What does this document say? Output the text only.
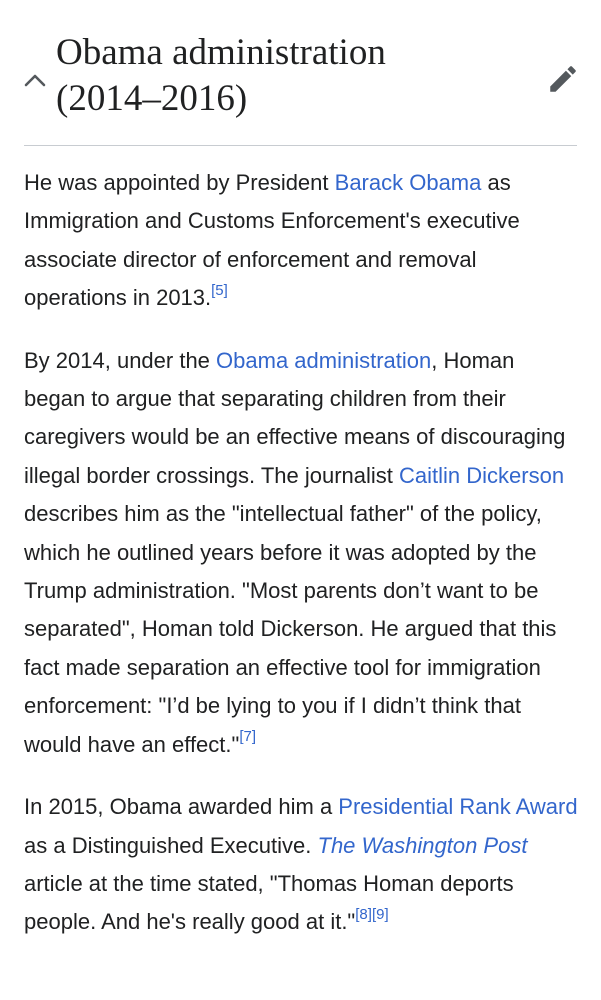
Obama administration
(2014–2016)

He was appointed by President Barack Obama as Immigration and Customs Enforcement's executive associate director of enforcement and removal operations in 2013.[5]

By 2014, under the Obama administration, Homan began to argue that separating children from their caregivers would be an effective means of discouraging illegal border crossings. The journalist Caitlin Dickerson describes him as the "intellectual father" of the policy, which he outlined years before it was adopted by the Trump administration. "Most parents don’t want to be separated", Homan told Dickerson. He argued that this fact made separation an effective tool for immigration enforcement: "I’d be lying to you if I didn’t think that would have an effect."[7]

In 2015, Obama awarded him a Presidential Rank Award as a Distinguished Executive. The Washington Post article at the time stated, "Thomas Homan deports people. And he's really good at it."[8][9]
